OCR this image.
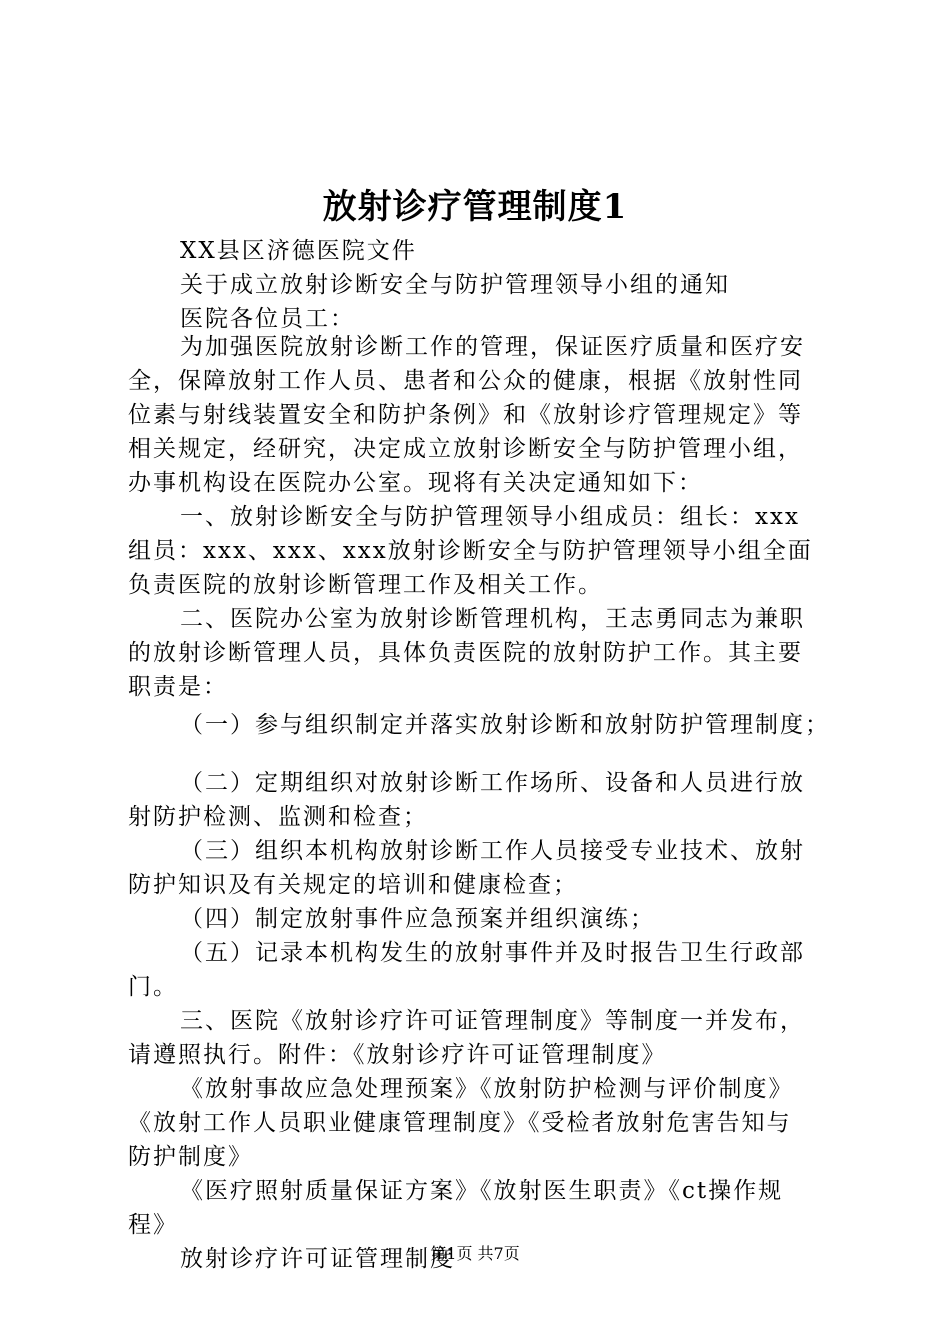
放射诊疗管理制度1
XX县区济德医院文件
关于成立放射诊断安全与防护管理领导小组的通知
医院各位员工：
为加强医院放射诊断工作的管理，保证医疗质量和医疗安
全，保障放射工作人员、患者和公众的健康，根据《放射性同
位素与射线装置安全和防护条例》和《放射诊疗管理规定》等
相关规定，经研究，决定成立放射诊断安全与防护管理小组，
办事机构设在医院办公室。现将有关决定通知如下：
一、放射诊断安全与防护管理领导小组成员：组长：xxx
组员：xxx、xxx、xxx放射诊断安全与防护管理领导小组全面
负责医院的放射诊断管理工作及相关工作。
二、医院办公室为放射诊断管理机构，王志勇同志为兼职
的放射诊断管理人员，具体负责医院的放射防护工作。其主要
职责是：
（一）参与组织制定并落实放射诊断和放射防护管理制度；
（二）定期组织对放射诊断工作场所、设备和人员进行放
射防护检测、监测和检查；
（三）组织本机构放射诊断工作人员接受专业技术、放射
防护知识及有关规定的培训和健康检查；
（四）制定放射事件应急预案并组织演练；
（五）记录本机构发生的放射事件并及时报告卫生行政部
门。
三、医院《放射诊疗许可证管理制度》等制度一并发布，
请遵照执行。附件：《放射诊疗许可证管理制度》
《放射事故应急处理预案》《放射防护检测与评价制度》
《放射工作人员职业健康管理制度》《受检者放射危害告知与
防护制度》
《医疗照射质量保证方案》《放射医生职责》《ct操作规
程》
放射诊疗许可证管理制度
第1页 共7页
